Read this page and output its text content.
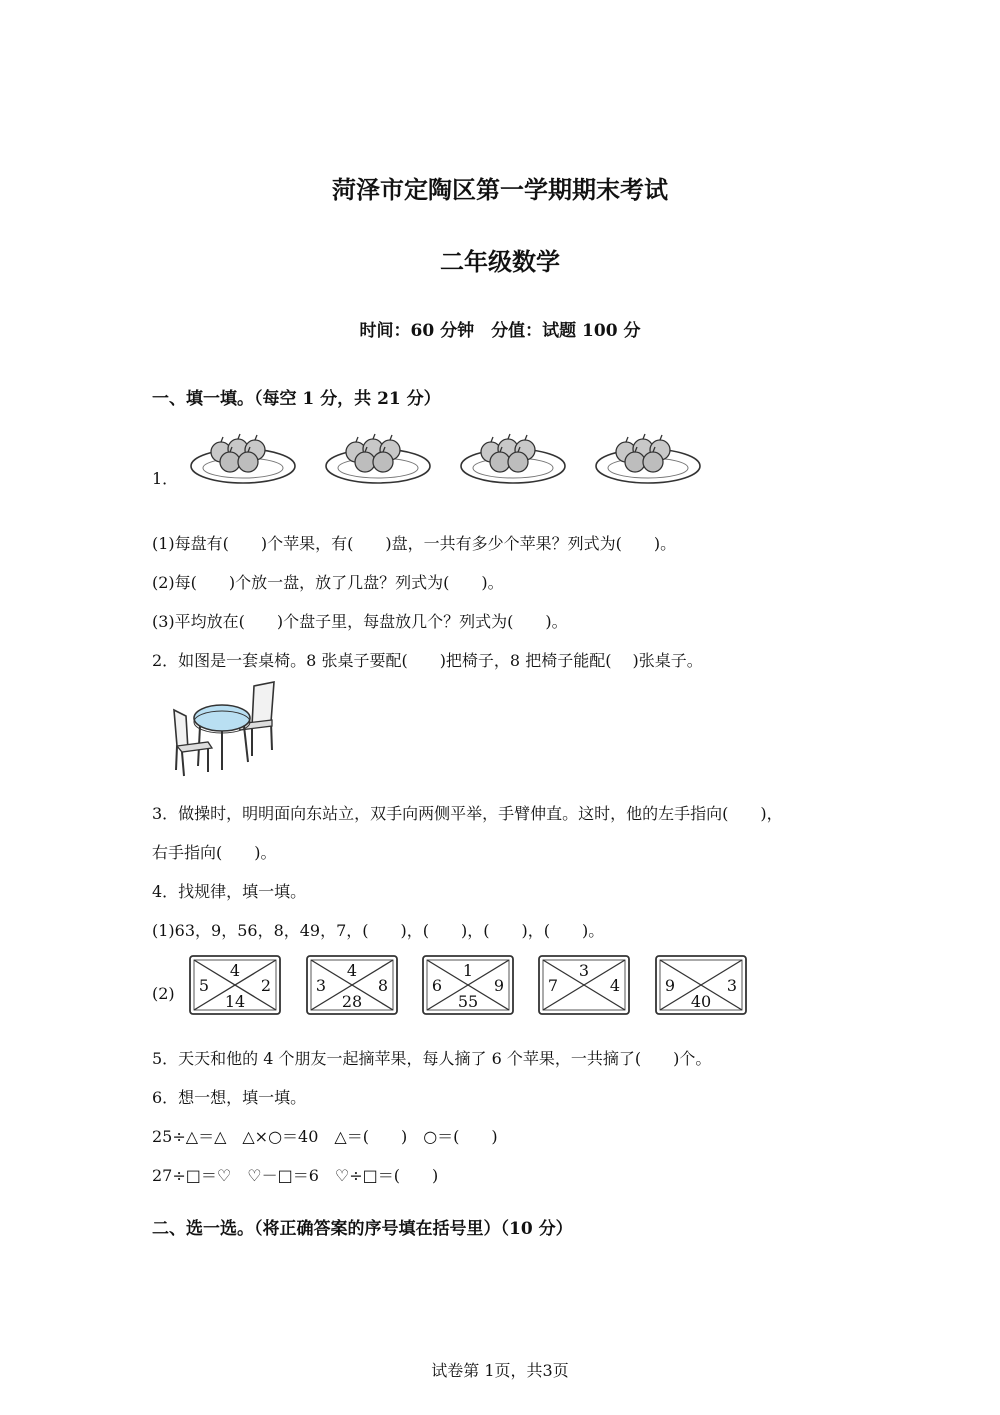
菏泽市定陶区第一学期期末考试
二年级数学
时间：60 分钟　分值：试题 100 分
一、填一填。（每空 1 分，共 21 分）
1．
(1)每盘有(　　)个苹果，有(　　)盘，一共有多少个苹果？列式为(　　)。
(2)每(　　)个放一盘，放了几盘？列式为(　　)。
(3)平均放在(　　)个盘子里，每盘放几个？列式为(　　)。
2．如图是一套桌椅。8 张桌子要配(　　)把椅子，8 把椅子能配(　 )张桌子。
3．做操时，明明面向东站立，双手向两侧平举，手臂伸直。这时，他的左手指向(　　)，
右手指向(　　)。
4．找规律，填一填。
(1)63，9，56，8，49，7，(　　)，(　　)，(　　)，(　　)。
(2)
4
5	2
14
4
3	8
28
1
6	9
55
3
7	4	9	3
40
5．天天和他的 4 个朋友一起摘苹果，每人摘了 6 个苹果，一共摘了(　　)个。
6．想一想，填一填。
25÷△＝△　△×○＝40　△＝(　　)　○＝(　　)
27÷□＝♡　♡－□＝6　♡÷□＝(　　)
二、选一选。（将正确答案的序号填在括号里）（10 分）
试卷第 1页，共3页
